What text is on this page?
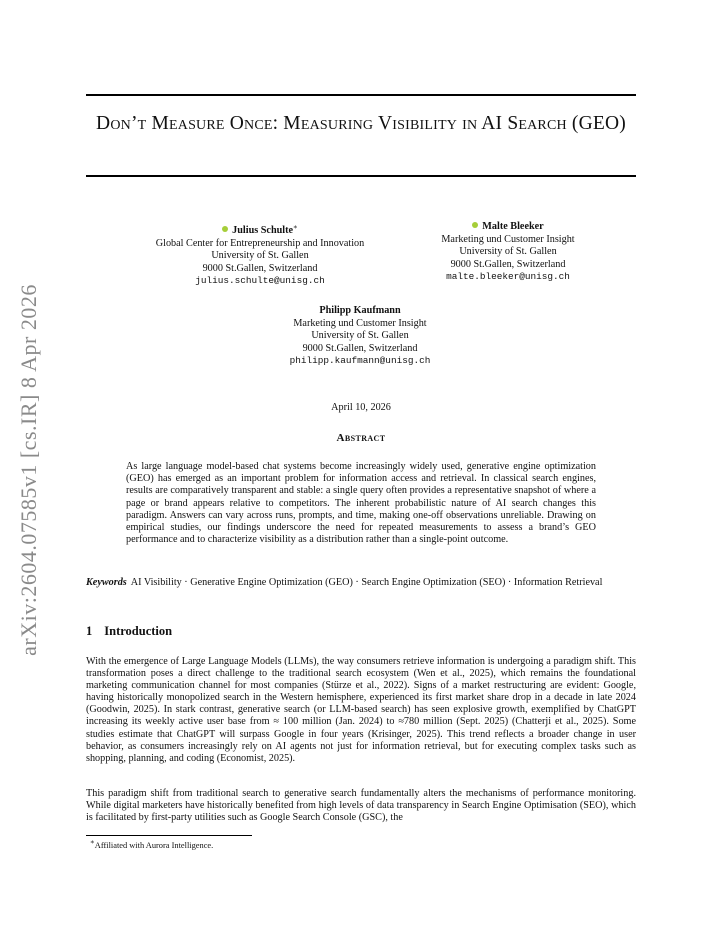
arXiv:2604.07585v1 [cs.IR] 8 Apr 2026
Don’t Measure Once: Measuring Visibility in AI Search (GEO)
Julius Schulte∗
Global Center for Entrepreneurship and Innovation
University of St. Gallen
9000 St.Gallen, Switzerland
julius.schulte@unisg.ch
Malte Bleeker
Marketing und Customer Insight
University of St. Gallen
9000 St.Gallen, Switzerland
malte.bleeker@unisg.ch
Philipp Kaufmann
Marketing und Customer Insight
University of St. Gallen
9000 St.Gallen, Switzerland
philipp.kaufmann@unisg.ch
April 10, 2026
Abstract
As large language model-based chat systems become increasingly widely used, generative engine optimization (GEO) has emerged as an important problem for information access and retrieval. In classical search engines, results are comparatively transparent and stable: a single query often provides a representative snapshot of where a page or brand appears relative to competitors. The inherent probabilistic nature of AI search changes this paradigm. Answers can vary across runs, prompts, and time, making one-off observations unreliable. Drawing on empirical studies, our findings underscore the need for repeated measurements to assess a brand’s GEO performance and to characterize visibility as a distribution rather than a single-point outcome.
Keywords AI Visibility · Generative Engine Optimization (GEO) · Search Engine Optimization (SEO) · Information Retrieval
1 Introduction
With the emergence of Large Language Models (LLMs), the way consumers retrieve information is undergoing a paradigm shift. This transformation poses a direct challenge to the traditional search ecosystem (Wen et al., 2025), which remains the foundational marketing communication channel for most companies (Stürze et al., 2022). Signs of a market restructuring are evident: Google, having historically monopolized search in the Western hemisphere, experienced its first market share drop in a decade in late 2024 (Goodwin, 2025). In stark contrast, generative search (or LLM-based search) has seen explosive growth, exemplified by ChatGPT increasing its weekly active user base from ≈ 100 million (Jan. 2024) to ≈780 million (Sept. 2025) (Chatterji et al., 2025). Some studies estimate that ChatGPT will surpass Google in four years (Krisinger, 2025). This trend reflects a broader change in user behavior, as consumers increasingly rely on AI agents not just for information retrieval, but for executing complex tasks such as shopping, planning, and coding (Economist, 2025).
This paradigm shift from traditional search to generative search fundamentally alters the mechanisms of performance monitoring. While digital marketers have historically benefited from high levels of data transparency in Search Engine Optimisation (SEO), which is facilitated by first-party utilities such as Google Search Console (GSC), the
∗Affiliated with Aurora Intelligence.
